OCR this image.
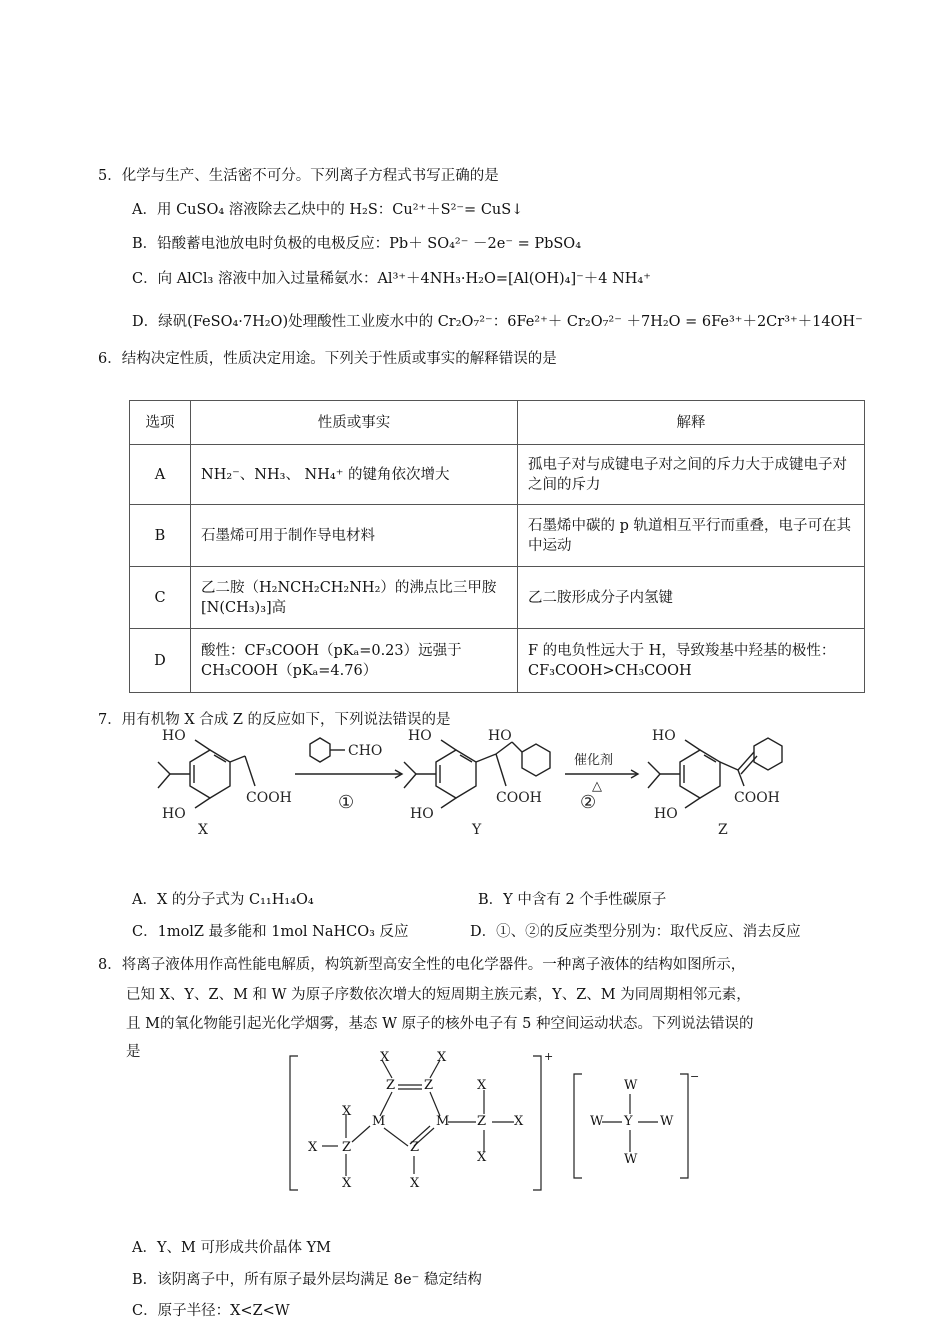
5．化学与生产、生活密不可分。下列离子方程式书写正确的是
A．用 CuSO₄ 溶液除去乙炔中的 H₂S：Cu²⁺＋S²⁻= CuS↓
B．铅酸蓄电池放电时负极的电极反应：Pb＋ SO₄²⁻ －2e⁻ = PbSO₄
C．向 AlCl₃ 溶液中加入过量稀氨水：Al³⁺＋4NH₃·H₂O=[Al(OH)₄]⁻＋4 NH₄⁺
D．绿矾(FeSO₄·7H₂O)处理酸性工业废水中的 Cr₂O₇²⁻：6Fe²⁺＋ Cr₂O₇²⁻ ＋7H₂O = 6Fe³⁺＋2Cr³⁺＋14OH⁻
6．结构决定性质，性质决定用途。下列关于性质或事实的解释错误的是
选项	性质或事实	解释
A	NH₂⁻、NH₃、 NH₄⁺ 的键角依次增大	孤电子对与成键电子对之间的斥力大于成键电子对之间的斥力
B	石墨烯可用于制作导电材料	石墨烯中碳的 p 轨道相互平行而重叠，电子可在其中运动
C	乙二胺（H₂NCH₂CH₂NH₂）的沸点比三甲胺[N(CH₃)₃]高	乙二胺形成分子内氢键
D	酸性：CF₃COOH（pKₐ=0.23）远强于CH₃COOH（pKₐ=4.76）	F 的电负性远大于 H，导致羧基中羟基的极性： CF₃COOH>CH₃COOH
7．用有机物 X 合成 Z 的反应如下，下列说法错误的是
HO
HO
COOH
X
CHO
①
HO	HO
HO
COOH
Y
催化剂
△
②
HO
HO
COOH
Z
A．X 的分子式为 C₁₁H₁₄O₄	B．Y 中含有 2 个手性碳原子
C．1molZ 最多能和 1mol NaHCO₃ 反应	D．①、②的反应类型分别为：取代反应、消去反应
8．将离子液体用作高性能电解质，构筑新型高安全性的电化学器件。一种离子液体的结构如图所示，
已知 X、Y、Z、M 和 W 为原子序数依次增大的短周期主族元素，Y、Z、M 为同周期相邻元素，
且 M的氧化物能引起光化学烟雾，基态 W 原子的核外电子有 5 种空间运动状态。下列说法错误的
是	X	X
Z Z	X
X
M	M Z X
X Z	Z
X
X	X
+
W
W Y W
W
−
A．Y、M 可形成共价晶体 YM
B．该阴离子中，所有原子最外层均满足 8e⁻ 稳定结构
C．原子半径：X<Z<W
